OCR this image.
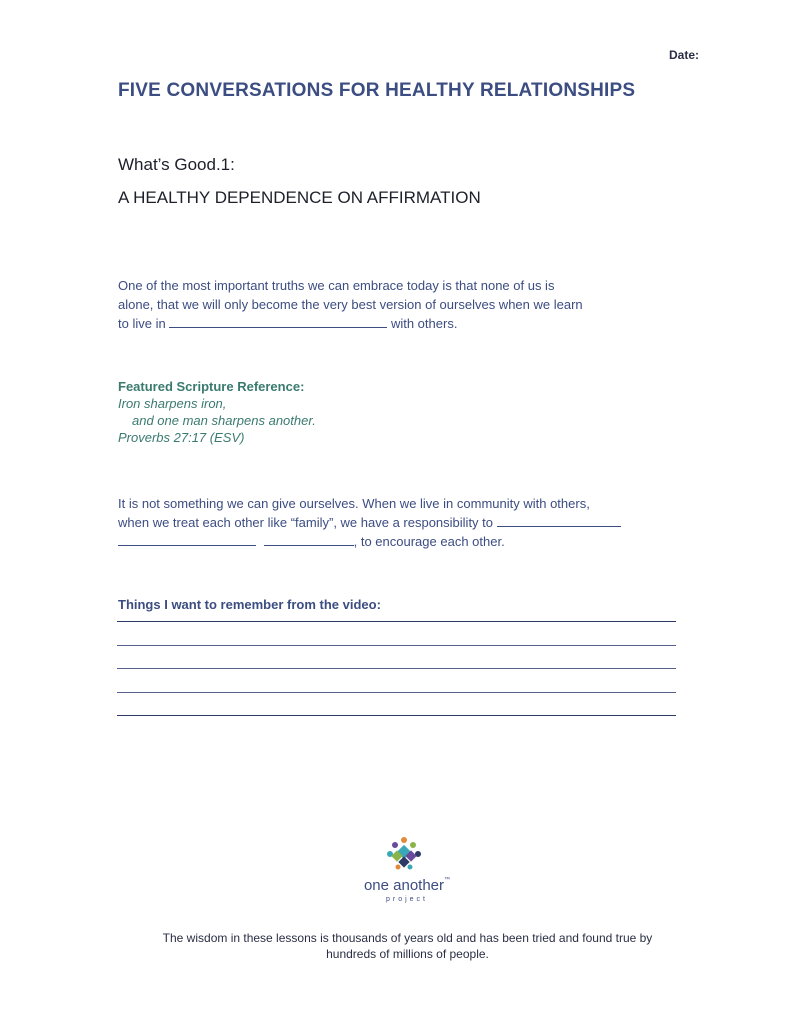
Date:
FIVE CONVERSATIONS FOR HEALTHY RELATIONSHIPS
What’s Good.1:
A HEALTHY DEPENDENCE ON AFFIRMATION
One of the most important truths we can embrace today is that none of us is
alone, that we will only become the very best version of ourselves when we learn
to live in	with others.
Featured Scripture Reference:
Iron sharpens iron,
and one man sharpens another.
Proverbs 27:17 (ESV)
It is not something we can give ourselves. When we live in community with others,
when we treat each other like “family”, we have a responsibility to
, to encourage each other.
Things I want to remember from the video:
one another™
project
The wisdom in these lessons is thousands of years old and has been tried and found true by
hundreds of millions of people.
